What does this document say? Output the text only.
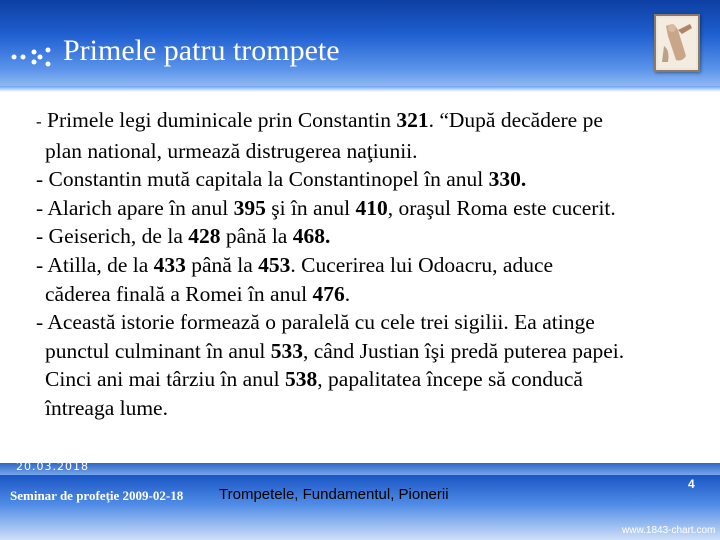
Primele patru trompete
- Primele legi duminicale prin Constantin 321. “După decădere pe
plan national, urmează distrugerea naţiunii.
- Constantin mută capitala la Constantinopel în anul 330.
- Alarich apare în anul 395 şi în anul 410, oraşul Roma este cucerit.
- Geiserich, de la 428 până la 468.
- Atilla, de la 433 până la 453. Cucerirea lui Odoacru, aduce
căderea finală a Romei în anul 476.
- Această istorie formează o paralelă cu cele trei sigilii. Ea atinge
punctul culminant în anul 533, când Justian îşi predă puterea papei.
Cinci ani mai târziu în anul 538, papalitatea începe să conducă
întreaga lume.
20.03.2018
Seminar de profeţie 2009-02-18 Trompetele, Fundamentul, Pionerii
4
www.1843-chart.com
